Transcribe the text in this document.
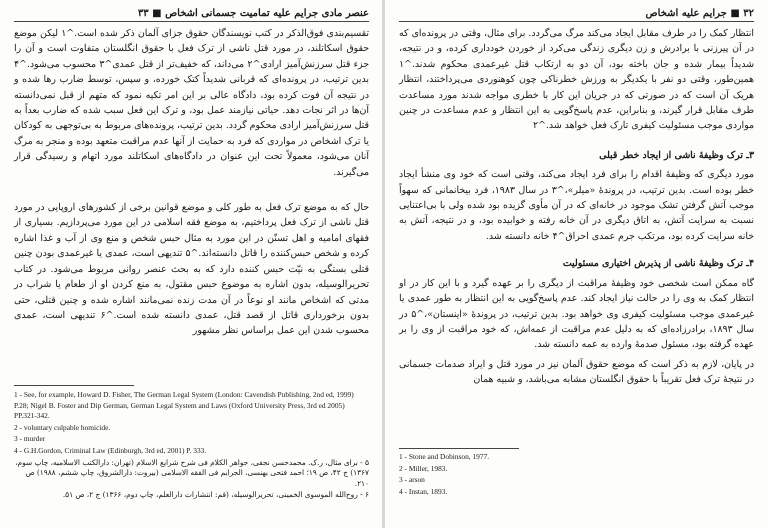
عنصر مادی جرایم علیه تمامیت جسمانی اشخاص ■ ۳۳

تقسیم‌بندی فوق‌الذکر در کتب نویسندگان حقوق جزای آلمان ذکر شده است.^۱ لیکن موضع حقوق اسکاتلند، در مورد قتل ناشی از ترک فعل با حقوق انگلستان متفاوت است و آن را جزء قتل سرزنش‌آمیز ارادی^۲ می‌داند، که خفیف‌تر از قتل عمدی^۳ محسوب می‌شود.^۴ بدین ترتیب، در پرونده‌ای که قربانی شدیداً کتک خورده، و سپس، توسط ضارب رها شده و در نتیجه آن فوت کرده بود، دادگاه عالی بر این امر تکیه نمود که متهم از قبل نمی‌دانسته آن‌ها در اثر نجات دهد. حیاتی نیازمند عمل بود، و ترک این فعل سبب شده که ضارب بعداً به قتل سرزنش‌آمیز ارادی محکوم گردد. بدین ترتیب، پرونده‌های مربوط به بی‌توجهی به کودکان یا ترک اشخاص در مواردی که فرد به حمایت از آنها عدم مراقبت متعهد بوده و منجر به مرگ آنان می‌شود، معمولاً تحت این عنوان در دادگاه‌های اسکاتلند مورد اتهام و رسیدگی قرار می‌گیرند.

حال که به موضع ترک فعل به طور کلی و موضع قوانین برخی از کشورهای اروپایی در مورد قتل ناشی از ترک فعل پرداختیم، به موضع فقه اسلامی در این مورد می‌پردازیم. بسیاری از فقهای امامیه و اهل تسنّن در این مورد به مثال حبس شخص و منع وی از آب و غذا اشاره کرده و شخص حبس‌کننده را قاتل دانسته‌اند.^۵ تندیهی است، عمدی یا غیرعمدی بودن چنین قتلی بستگی به نیّت حبس کننده دارد که به بحث عنصر روانی مربوط می‌شود. در کتاب تحریرالوسیله، بدون اشاره به موضوع حبس مقتول، به منع کردن او از طعام یا شراب در مدتی که اشخاص مانند او نوعاً در آن مدت زنده نمی‌مانند اشاره شده و چنین قتلی، حتی بدون برخورداری قاتل از قصد قتل، عمدی دانسته شده است.^۶ تندیهی است، عمدی محسوب شدن این عمل براساس نظر مشهور

1 - See, for example, Howard D. Fisher, The German Legal System (London: Cavendish Publishing, 2nd ed, 1999) P.28; Nigel B. Foster and Dip German, German Legal System and Laws (Oxford University Press, 3rd ed 2005) PP.321-342.
2 - voluntary culpable homicide.
3 - murder
4 - G.H.Gordon, Criminal Law (Edinburgh, 3rd ed, 2001) P. 333.
۵ - برای مثال، ر.ک. محمدحسن نجفی، جواهر الکلام فی شرح شرایع الاسلام (تهران: دارالکتب الاسلامیه، چاپ سوم، ۱۳۶۷) ج ۴۲، ص ۱۹؛ احمد فتحی بهنسی، الجرایم فی الفقه الاسلامی (بیروت: دارالشروق، چاپ ششم، ۱۹۸۸) ص ۲۱۰.
۶ - روح‌الله الموسوی الخمینی، تحریرالوسیله، (قم: انتشارات دارالعلم، چاپ دوم، ۱۳۶۶) ج ۲، ص ۵۱.
۳۲ ■ جرایم علیه اشخاص

انتظار کمک را در طرف مقابل ایجاد می‌کند مرگ می‌گردد. برای مثال، وقتی در پرونده‌ای که در آن پیرزنی با برادرش و زن دیگری زندگی می‌کرد از خوردن خودداری کرده، و در نتیجه، شدیداً بیمار شده و جان باخته بود، آن دو به ارتکاب قتل غیرعمدی محکوم شدند.^۱ همین‌طور، وقتی دو نفر با یکدیگر به ورزش خطرناکی چون کوهنوردی می‌پرداختند، انتظار هریک آن است که در صورتی که در جریان این کار با خطری مواجه شدند مورد مساعدت طرف مقابل قرار گیرند، و بنابراین، عدم پاسخ‌گویی به این انتظار و عدم مساعدت در چنین مواردی موجب مسئولیت کیفری تارک فعل خواهد شد.^۲

۳ـ ترک وظیفهٔ ناشی از ایجاد خطر قبلی

مورد دیگری که وظیفهٔ اقدام را برای فرد ایجاد می‌کند، وقتی است که خود وی منشأ ایجاد خطر بوده است. بدین ترتیب، در پروندهٔ «میلر»،^۳ در سال ۱۹۸۳، فرد بیخانمانی که سهواً موجب آتش گرفتن تشک موجود در خانه‌ای که در آن مأوی گزیده بود شده ولی با بی‌اعتنایی نسبت به سرایت آتش، به اتاق دیگری در آن خانه رفته و خوابیده بود، و در نتیجه، آتش به خانه سرایت کرده بود، مرتکب جرم عمدی احراق^۴ خانه دانسته شد.

۴ـ ترک وظیفهٔ ناشی از پذیرش اختیاری مسئولیت

گاه ممکن است شخصی خود وظیفهٔ مراقبت از دیگری را بر عهده گیرد و با این کار در او انتظار کمک به وی را در حالت نیاز ایجاد کند. عدم پاسخ‌گویی به این انتظار به طور عمدی یا غیرعمدی موجب مسئولیت کیفری وی خواهد بود. بدین ترتیب، در پروندهٔ «اینستان»،^۵ در سال ۱۸۹۳، برادرزاده‌ای که به دلیل عدم مراقبت از عمه‌اش، که خود مراقبت از وی را بر عهده گرفته بود، مسئول صدمهٔ وارده به عمه دانسته شد.

در پایان، لازم به ذکر است که موضع حقوق آلمان نیز در مورد قتل و ایراد صدمات جسمانی در نتیجهٔ ترک فعل تقریباً با حقوق انگلستان مشابه می‌باشد، و شبیه همان

1 - Stone and Dobinson, 1977.
2 - Miller, 1983.
3 - arson
4 - Instan, 1893.
